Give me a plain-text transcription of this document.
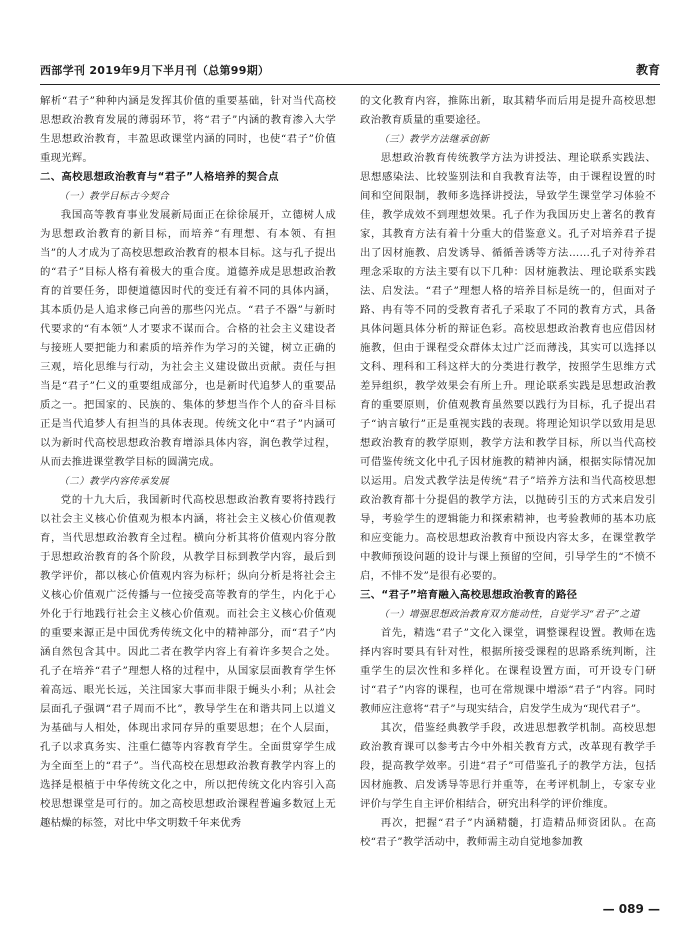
西部学刊 2019年9月下半月刊（总第99期）	教育

解析“君子”种种内涵是发挥其价值的重要基础，针对当代高校思想政治教育发展的薄弱环节，将“君子”内涵的教育渗入大学生思想政治教育，丰盈思政课堂内涵的同时，也使“君子”价值重现光辉。

二、高校思想政治教育与“君子”人格培养的契合点

（一）教学目标古今契合

我国高等教育事业发展新局面正在徐徐展开，立德树人成为思想政治教育的新目标，而培养“有理想、有本领、有担当”的人才成为了高校思想政治教育的根本目标。这与孔子提出的“君子”目标人格有着极大的重合度。道德养成是思想政治教育的首要任务，即便道德因时代的变迁有着不同的具体内涵，其本质仍是人追求修己向善的那些闪光点。“君子不器”与新时代要求的“有本领”人才要求不谋而合。合格的社会主义建设者与接班人要把能力和素质的培养作为学习的关键，树立正确的三观，培化思维与行动，为社会主义建设做出贡献。责任与担当是“君子”仁义的重要组成部分，也是新时代追梦人的重要品质之一。把国家的、民族的、集体的梦想当作个人的奋斗目标正是当代追梦人有担当的具体表现。传统文化中“君子”内涵可以为新时代高校思想政治教育增添具体内容，润色教学过程，从而去推进课堂教学目标的圆满完成。

（二）教学内容传承发展

党的十九大后，我国新时代高校思想政治教育要将持践行以社会主义核心价值观为根本内涵，将社会主义核心价值观教育，当代思想政治教育全过程。横向分析其将价值观内容分散于思想政治教育的各个阶段，从教学目标到教学内容，最后到教学评价，都以核心价值观内容为标杆；纵向分析是将社会主义核心价值观广泛传播与一位接受高等教育的学生，内化于心外化于行地践行社会主义核心价值观。而社会主义核心价值观的重要来源正是中国优秀传统文化中的精神部分，而“君子”内涵自然包含其中。因此二者在教学内容上有着许多契合之处。孔子在培养“君子”理想人格的过程中，从国家层面教育学生怀着高远、眼光长远，关注国家大事而非限于蝇头小利；从社会层面孔子强调“君子周而不比”，教导学生在和谐共同上以道义为基础与人相处，体现出求同存异的重要思想；在个人层面，孔子以求真务实、注重仁德等内容教育学生。全面贯穿学生成为全面至上的“君子”。当代高校在思想政治教育教学内容上的选择是根植于中华传统文化之中，所以把传统文化内容引入高校思想课堂是可行的。加之高校思想政治课程普遍多数冠上无趣枯燥的标签，对比中华文明数千年来优秀

的文化教育内容，推陈出新，取其精华而后用是提升高校思想政治教育质量的重要途径。

（三）教学方法继承创新

思想政治教育传统教学方法为讲授法、理论联系实践法、思想感染法、比较鉴别法和自我教育法等，由于课程设置的时间和空间限制，教师多选择讲授法，导致学生课堂学习体验不佳，教学成效不到理想效果。孔子作为我国历史上著名的教育家，其教育方法有着十分重大的借鉴意义。孔子对培养君子提出了因材施教、启发诱导、循循善诱等方法……孔子对待养君理念采取的方法主要有以下几种：因材施教法、理论联系实践法、启发法。“君子”理想人格的培养目标是统一的，但面对子路、冉有等不同的受教育者孔子采取了不同的教育方式，具备具体问题具体分析的辩证色彩。高校思想政治教育也应借因材施教，但由于课程受众群体太过广泛而薄浅，其实可以选择以文科、理科和工科这样大的分类进行教学，按照学生思维方式差异组织，教学效果会有所上升。理论联系实践是思想政治教育的重要原则，价值观教育虽然要以践行为目标，孔子提出君子“讷言敏行”正是重视实践的表现。将理论知识学以致用是思想政治教育的教学原则，教学方法和教学目标，所以当代高校可借鉴传统文化中孔子因材施教的精神内涵，根据实际情况加以运用。启发式教学法是传统“君子”培养方法和当代高校思想政治教育都十分提倡的教学方法，以抛砖引玉的方式来启发引导，考验学生的逻辑能力和探索精神，也考验教师的基本功底和应变能力。高校思想政治教育中预设内容太多，在课堂教学中教师预设问题的设计与课上预留的空间，引导学生的“不愤不启，不悱不发”是很有必要的。

三、“君子”培育融入高校思想政治教育的路径

（一）增强思想政治教育双方能动性，自觉学习“君子”之道

首先，精选“君子”文化入课堂，调整课程设置。教师在选择内容时要具有针对性，根据所接受课程的思路系统判断，注重学生的层次性和多样化。在课程设置方面，可开设专门研讨“君子”内容的课程，也可在常规课中增添“君子”内容。同时教师应注意将“君子”与现实结合，启发学生成为“现代君子”。

其次，借鉴经典教学手段，改进思想教学机制。高校思想政治教育课可以参考古今中外相关教育方式，改革现有教学手段，提高教学效率。引进“君子”可借鉴孔子的教学方法，包括因材施教、启发诱导等思行并重等，在考评机制上，专家专业评价与学生自主评价相结合，研究出科学的评价维度。

再次，把握“君子”内涵精髓，打造精品师资团队。在高校“君子”教学活动中，教师需主动自觉地参加教

— 089 —
